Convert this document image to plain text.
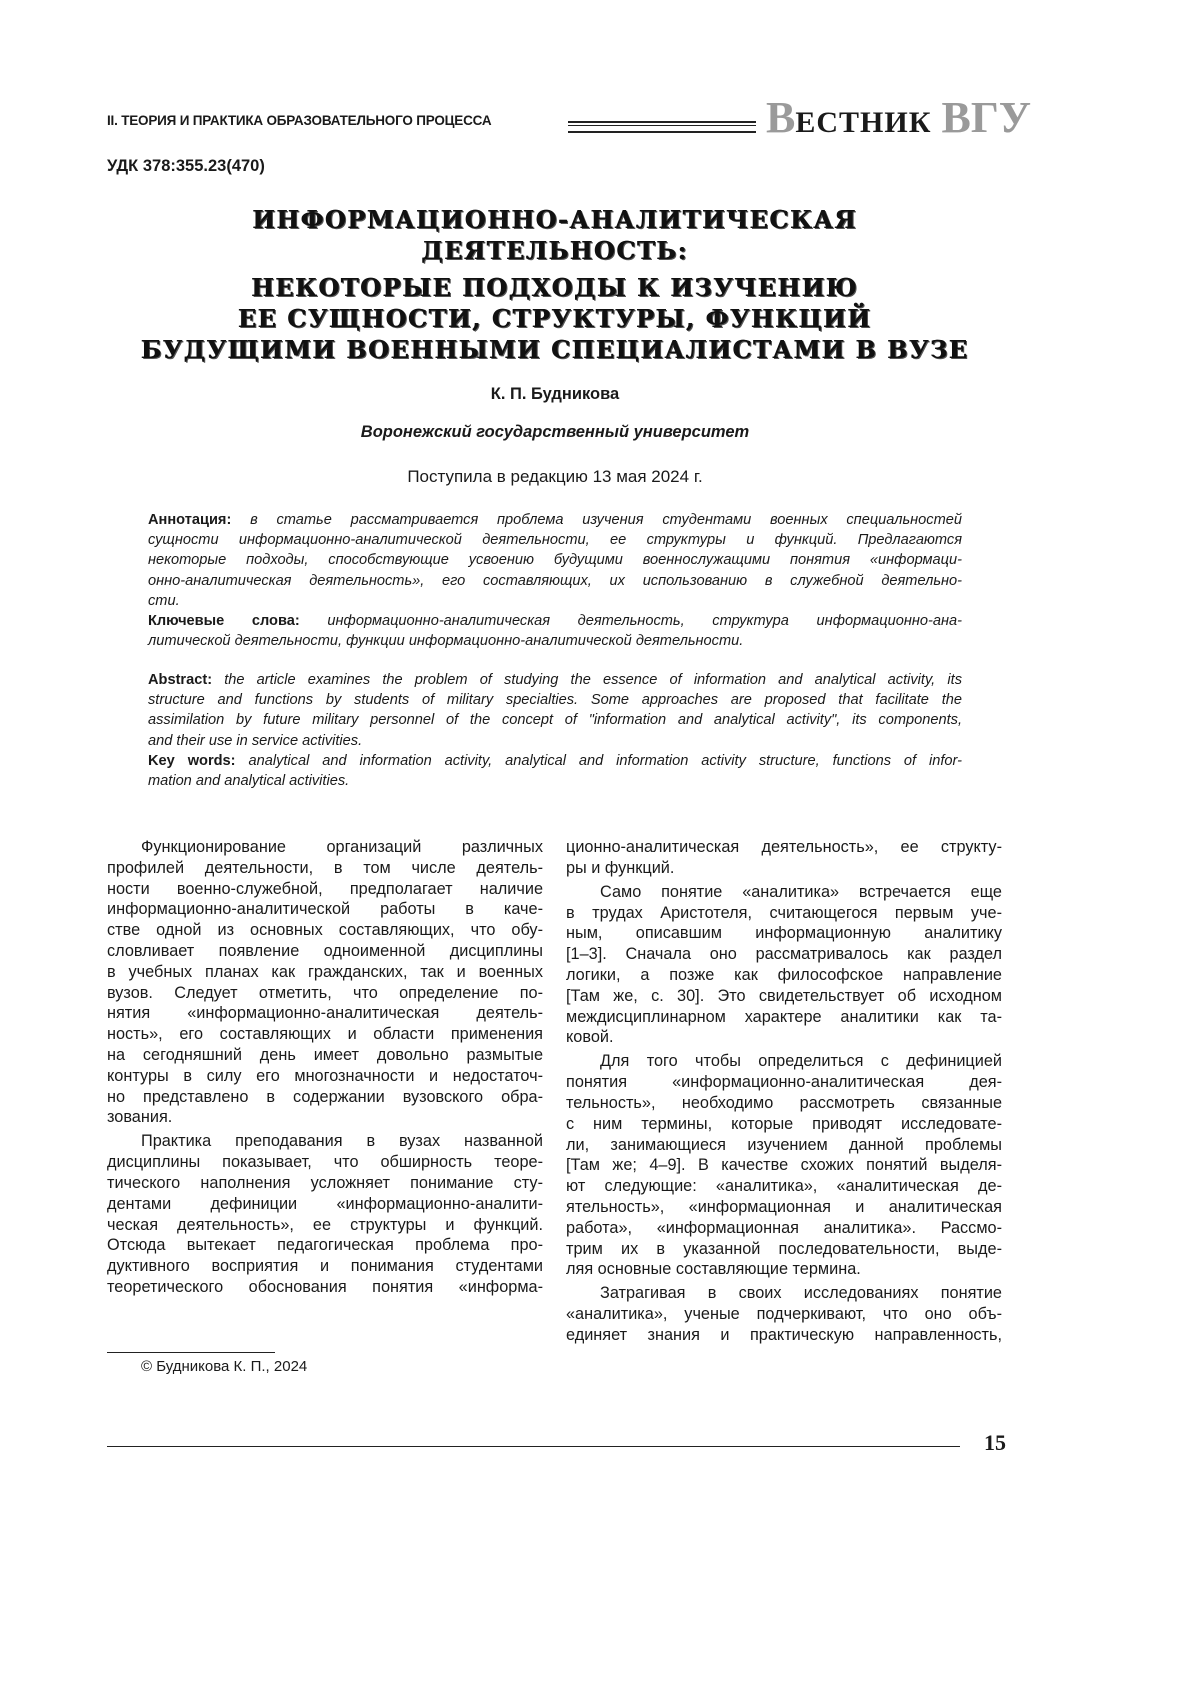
II. ТЕОРИЯ И ПРАКТИКА ОБРАЗОВАТЕЛЬНОГО ПРОЦЕССА	ВЕСТНИК ВГУ
УДК 378:355.23(470)
ИНФОРМАЦИОННО-АНАЛИТИЧЕСКАЯ
ДЕЯТЕЛЬНОСТЬ:
НЕКОТОРЫЕ ПОДХОДЫ К ИЗУЧЕНИЮ
ЕЕ СУЩНОСТИ, СТРУКТУРЫ, ФУНКЦИЙ
БУДУЩИМИ ВОЕННЫМИ СПЕЦИАЛИСТАМИ В ВУЗЕ
К. П. Будникова
Воронежский государственный университет
Поступила в редакцию 13 мая 2024 г.
Аннотация: в статье рассматривается проблема изучения студентами военных специальностей
сущности информационно-аналитической деятельности, ее структуры и функций. Предлагаются
некоторые подходы, способствующие усвоению будущими военнослужащими понятия «информаци-
онно-аналитическая деятельность», его составляющих, их использованию в служебной деятельно-
сти.
Ключевые слова: информационно-аналитическая деятельность, структура информационно-ана-
литической деятельности, функции информационно-аналитической деятельности.
Abstract: the article examines the problem of studying the essence of information and analytical activity, its
structure and functions by students of military specialties. Some approaches are proposed that facilitate the
assimilation by future military personnel of the concept of "information and analytical activity", its components,
and their use in service activities.
Key words: analytical and information activity, analytical and information activity structure, functions of infor-
mation and analytical activities.
Функционирование организаций различных
профилей деятельности, в том числе деятель-
ности военно-служебной, предполагает наличие
информационно-аналитической работы в каче-
стве одной из основных составляющих, что обу-
словливает появление одноименной дисциплины
в учебных планах как гражданских, так и военных
вузов. Следует отметить, что определение по-
нятия «информационно-аналитическая деятель-
ность», его составляющих и области применения
на сегодняшний день имеет довольно размытые
контуры в силу его многозначности и недостаточ-
но представлено в содержании вузовского обра-
зования.
Практика преподавания в вузах названной
дисциплины показывает, что обширность теоре-
тического наполнения усложняет понимание сту-
дентами дефиниции «информационно-аналити-
ческая деятельность», ее структуры и функций.
Отсюда вытекает педагогическая проблема про-
дуктивного восприятия и понимания студентами
теоретического обоснования понятия «информа-
ционно-аналитическая деятельность», ее структу-
ры и функций.
Само понятие «аналитика» встречается еще
в трудах Аристотеля, считающегося первым уче-
ным, описавшим информационную аналитику
[1–3]. Сначала оно рассматривалось как раздел
логики, а позже как философское направление
[Там же, с. 30]. Это свидетельствует об исходном
междисциплинарном характере аналитики как та-
ковой.
Для того чтобы определиться с дефиницией
понятия «информационно-аналитическая дея-
тельность», необходимо рассмотреть связанные
с ним термины, которые приводят исследовате-
ли, занимающиеся изучением данной проблемы
[Там же; 4–9]. В качестве схожих понятий выделя-
ют следующие: «аналитика», «аналитическая де-
ятельность», «информационная и аналитическая
работа», «информационная аналитика». Рассмо-
трим их в указанной последовательности, выде-
ляя основные составляющие термина.
Затрагивая в своих исследованиях понятие
«аналитика», ученые подчеркивают, что оно объ-
единяет знания и практическую направленность,
© Будникова К. П., 2024
15
